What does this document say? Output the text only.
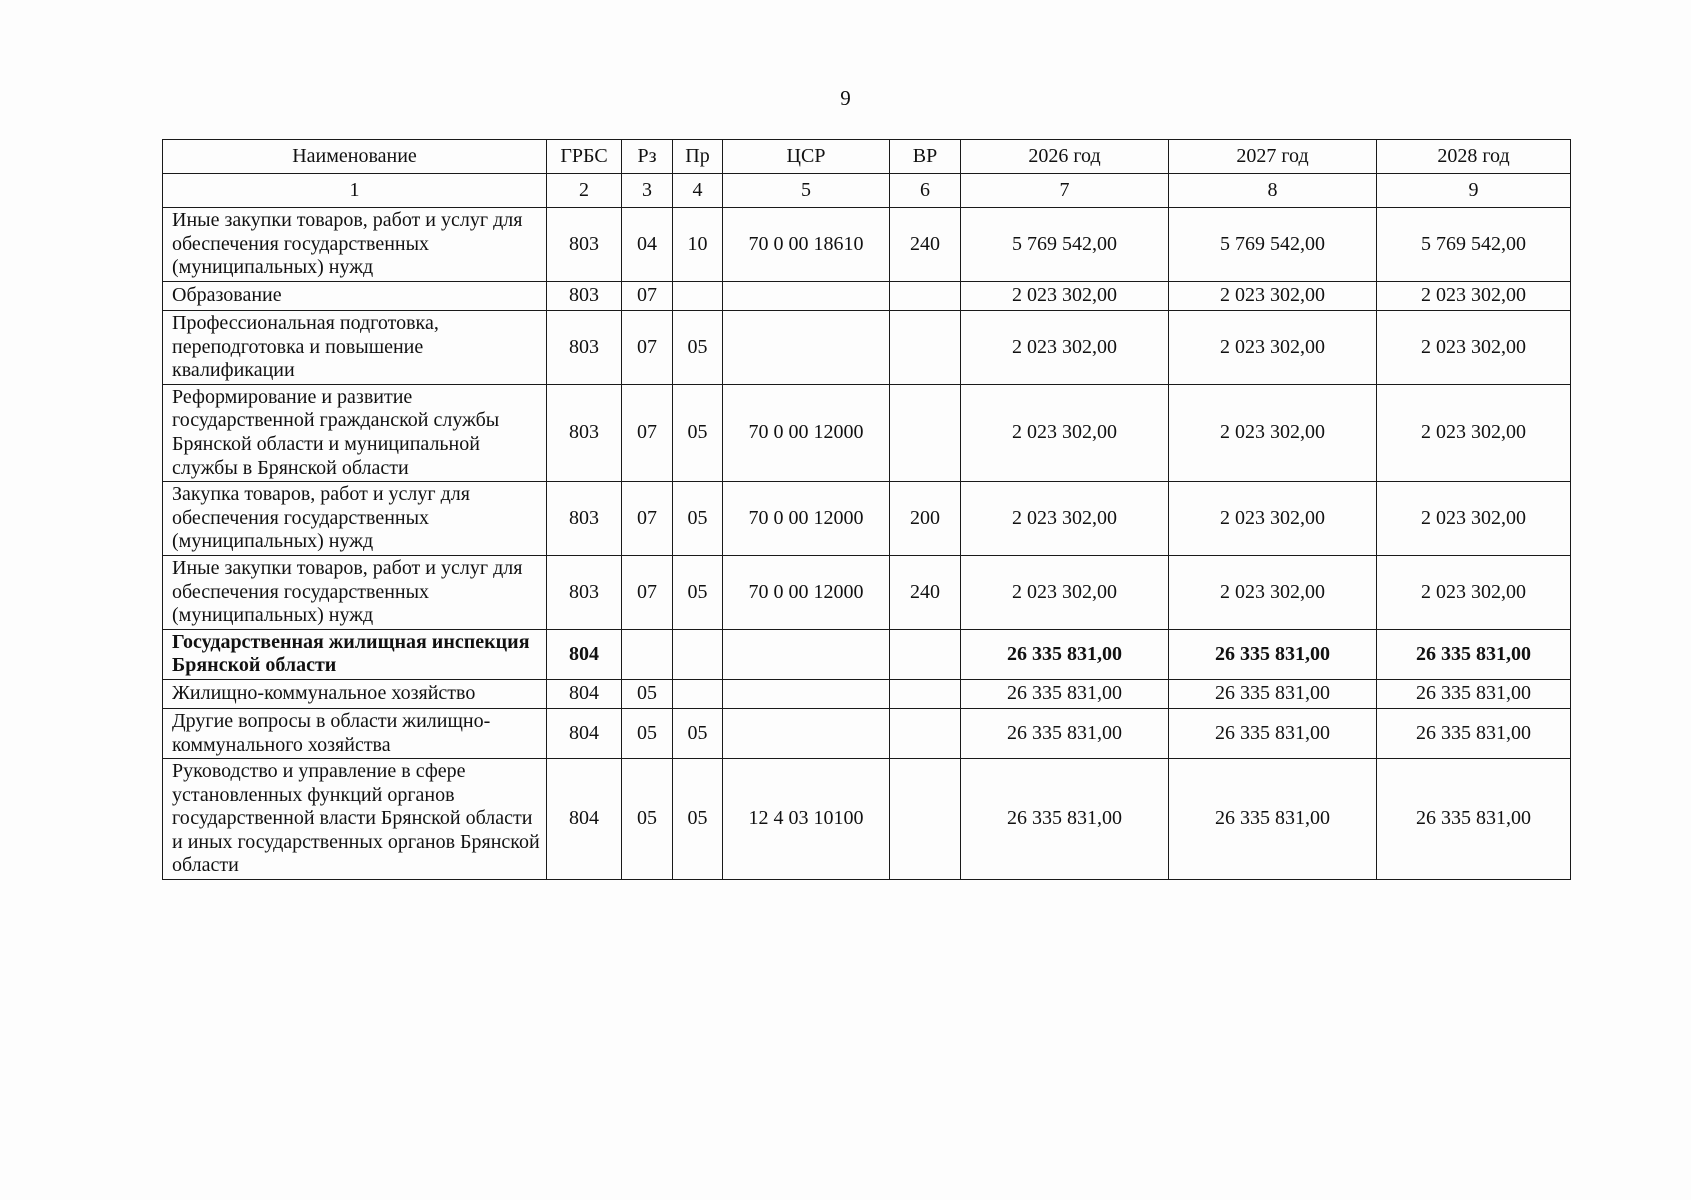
9
Наименование	ГРБС	Рз	Пр	ЦСР	ВР	2026 год	2027 год	2028 год
1	2	3	4	5	6	7	8	9
Иные закупки товаров, работ и услуг для обеспечения государственных (муниципальных) нужд	803	04	10	70 0 00 18610	240	5 769 542,00	5 769 542,00	5 769 542,00
Образование	803	07				2 023 302,00	2 023 302,00	2 023 302,00
Профессиональная подготовка, переподготовка и повышение квалификации	803	07	05			2 023 302,00	2 023 302,00	2 023 302,00
Реформирование и развитие государственной гражданской службы Брянской области и муниципальной службы в Брянской области	803	07	05	70 0 00 12000		2 023 302,00	2 023 302,00	2 023 302,00
Закупка товаров, работ и услуг для обеспечения государственных (муниципальных) нужд	803	07	05	70 0 00 12000	200	2 023 302,00	2 023 302,00	2 023 302,00
Иные закупки товаров, работ и услуг для обеспечения государственных (муниципальных) нужд	803	07	05	70 0 00 12000	240	2 023 302,00	2 023 302,00	2 023 302,00
Государственная жилищная инспекция Брянской области	804					26 335 831,00	26 335 831,00	26 335 831,00
Жилищно-коммунальное хозяйство	804	05				26 335 831,00	26 335 831,00	26 335 831,00
Другие вопросы в области жилищно-коммунального хозяйства	804	05	05			26 335 831,00	26 335 831,00	26 335 831,00
Руководство и управление в сфере установленных функций органов государственной власти Брянской области и иных государственных органов Брянской области	804	05	05	12 4 03 10100		26 335 831,00	26 335 831,00	26 335 831,00
